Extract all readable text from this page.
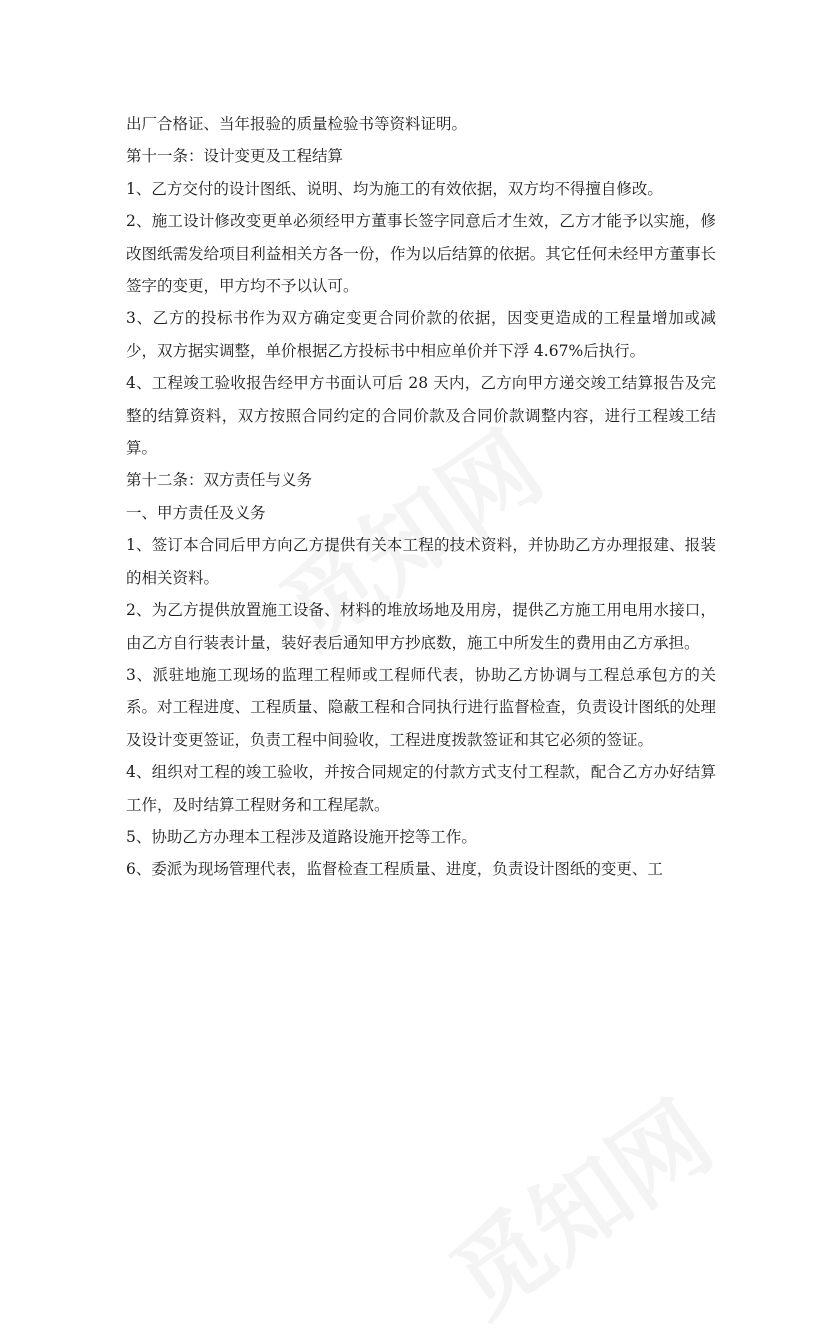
出厂合格证、当年报验的质量检验书等资料证明。

第十一条：设计变更及工程结算

1、乙方交付的设计图纸、说明、均为施工的有效依据，双方均不得擅自修改。

2、施工设计修改变更单必须经甲方董事长签字同意后才生效，乙方才能予以实施，修改图纸需发给项目利益相关方各一份，作为以后结算的依据。其它任何未经甲方董事长签字的变更，甲方均不予以认可。

3、乙方的投标书作为双方确定变更合同价款的依据，因变更造成的工程量增加或减少，双方据实调整，单价根据乙方投标书中相应单价并下浮 4.67%后执行。

4、工程竣工验收报告经甲方书面认可后 28 天内，乙方向甲方递交竣工结算报告及完整的结算资料，双方按照合同约定的合同价款及合同价款调整内容，进行工程竣工结算。

第十二条：双方责任与义务

一、甲方责任及义务

1、签订本合同后甲方向乙方提供有关本工程的技术资料，并协助乙方办理报建、报装的相关资料。

2、为乙方提供放置施工设备、材料的堆放场地及用房，提供乙方施工用电用水接口，由乙方自行装表计量，装好表后通知甲方抄底数，施工中所发生的费用由乙方承担。

3、派驻地施工现场的监理工程师或工程师代表，协助乙方协调与工程总承包方的关系。对工程进度、工程质量、隐蔽工程和合同执行进行监督检查，负责设计图纸的处理及设计变更签证，负责工程中间验收，工程进度拨款签证和其它必须的签证。

4、组织对工程的竣工验收，并按合同规定的付款方式支付工程款，配合乙方办好结算工作，及时结算工程财务和工程尾款。

5、协助乙方办理本工程涉及道路设施开挖等工作。

6、委派为现场管理代表，监督检查工程质量、进度，负责设计图纸的变更、工
